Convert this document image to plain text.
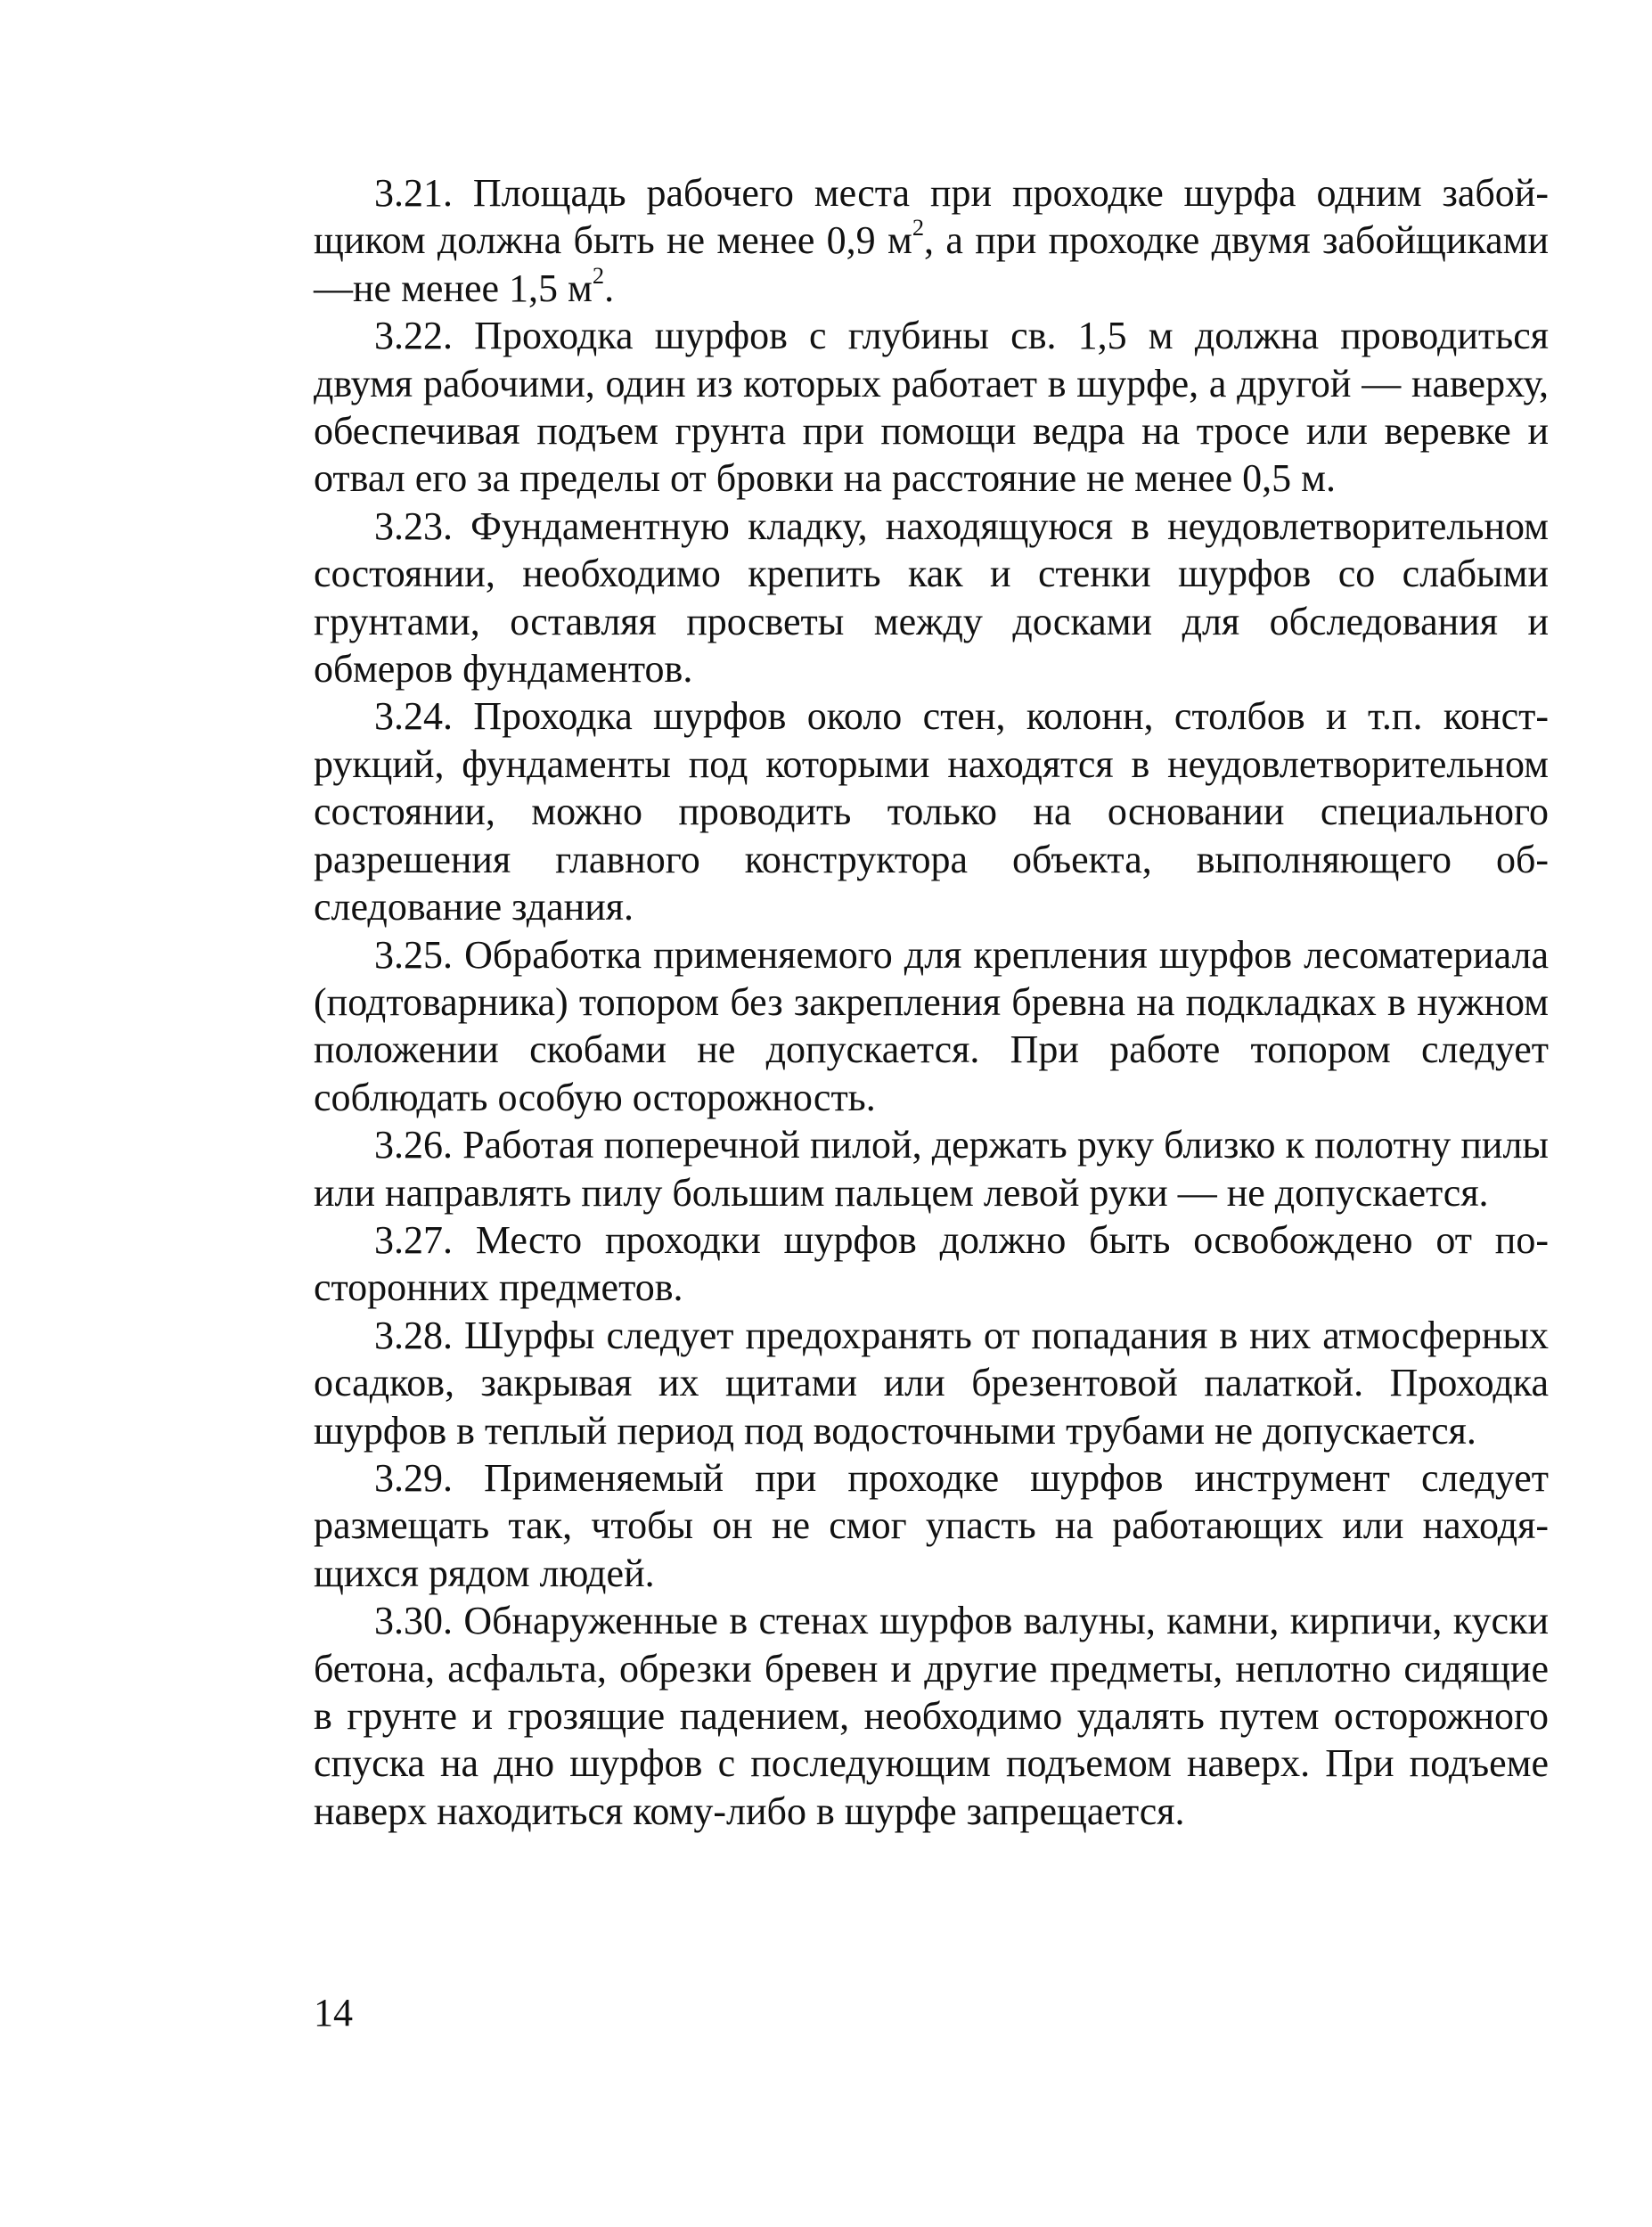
3.21. Площадь рабочего места при проходке шурфа одним забойщиком должна быть не менее 0,9 $м^2$, а при проходке двумя забойщиками —не менее 1,5 $м^2$.

3.22. Проходка шурфов с глубины св. 1,5 м должна проводиться двумя рабочими, один из которых работает в шурфе, а другой — наверху, обеспечивая подъем грунта при помощи ведра на тросе или веревке и отвал его за пределы от бровки на расстояние не менее 0,5 м.

3.23. Фундаментную кладку, находящуюся в неудовлетворительном состоянии, необходимо крепить как и стенки шурфов со слабыми грунтами, оставляя просветы между досками для обследования и обмеров фундаментов.

3.24. Проходка шурфов около стен, колонн, столбов и т.п. конструкций, фундаменты под которыми находятся в неудовлетворительном состоянии, можно проводить только на основании специального разрешения главного конструктора объекта, выполняющего обследование здания.

3.25. Обработка применяемого для крепления шурфов лесоматериала (подтоварника) топором без закрепления бревна на подкладках в нужном положении скобами не допускается. При работе топором следует соблюдать особую осторожность.

3.26. Работая поперечной пилой, держать руку близко к полотну пилы или направлять пилу большим пальцем левой руки — не допускается.

3.27. Место проходки шурфов должно быть освобождено от посторонних предметов.

3.28. Шурфы следует предохранять от попадания в них атмосферных осадков, закрывая их щитами или брезентовой палаткой. Проходка шурфов в теплый период под водосточными трубами не допускается.

3.29. Применяемый при проходке шурфов инструмент следует размещать так, чтобы он не смог упасть на работающих или находящихся рядом людей.

3.30. Обнаруженные в стенах шурфов валуны, камни, кирпичи, куски бетона, асфальта, обрезки бревен и другие предметы, неплотно сидящие в грунте и грозящие падением, необходимо удалять путем осторожного спуска на дно шурфов с последующим подъемом наверх. При подъеме наверх находиться кому-либо в шурфе запрещается.

14
